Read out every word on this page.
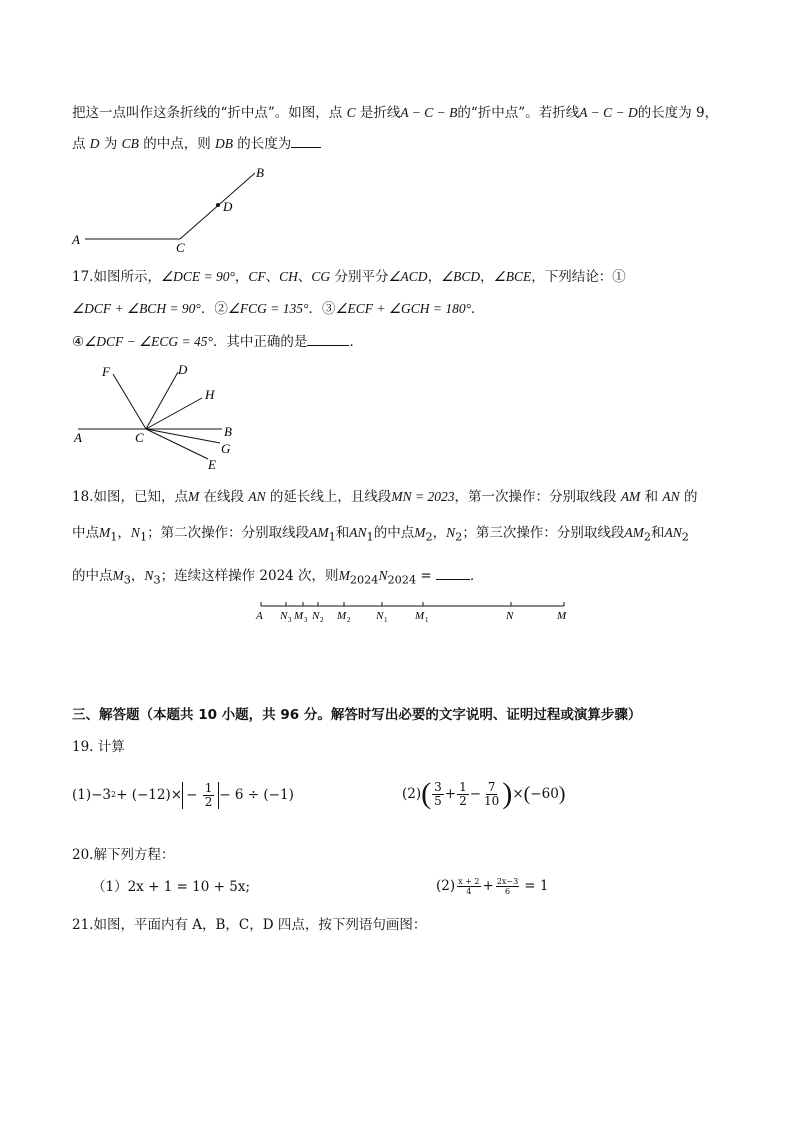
把这一点叫作这条折线的“折中点”。如图，点 C 是折线A − C − B的“折中点”。若折线A − C − D的长度为 9，
点 D 为 CB 的中点，则 DB 的长度为
A
C
D
B
17.如图所示，∠DCE = 90°，CF、CH、CG 分别平分∠ACD，∠BCD，∠BCE，下列结论：①
∠DCF + ∠BCH = 90°．②∠FCG = 135°．③∠ECF + ∠GCH = 180°．
④∠DCF − ∠ECG = 45°．其中正确的是	．
F	D
H
A	C	B
G
E
18.如图，已知，点M 在线段 AN 的延长线上，且线段MN = 2023，第一次操作：分别取线段 AM 和 AN 的
中点$M_1$，$N_1$；第二次操作：分别取线段$AM_1$和$AN_1$的中点$M_2$，$N_2$；第三次操作：分别取线段$AM_2$和$AN_2$
的中点$M_3$，$N_3$；连续这样操作 2024 次，则$M_{2024}N_{2024}$ =	．
A N 3 M 3 N 2 M 2 N 1	M 1	N	M
三、解答题（本题共 10 小题，共 96 分。解答时写出必要的文字说明、证明过程或演算步骤）
19. 计算
(1) −3 $2 + (-12)\times - \frac{1}{2} - 6 \div (-1)$	(2) ( $\frac{3}{5} + \frac{1}{2} - \frac{7}{10}$ ) × ( −60 )
20.解下列方程：
（1）2x + 1 = 10 + 5x;	$(2) \frac{x + 2}{4} + \frac{2x-3}{6} = 1$
21.如图，平面内有 A，B，C，D 四点，按下列语句画图：
